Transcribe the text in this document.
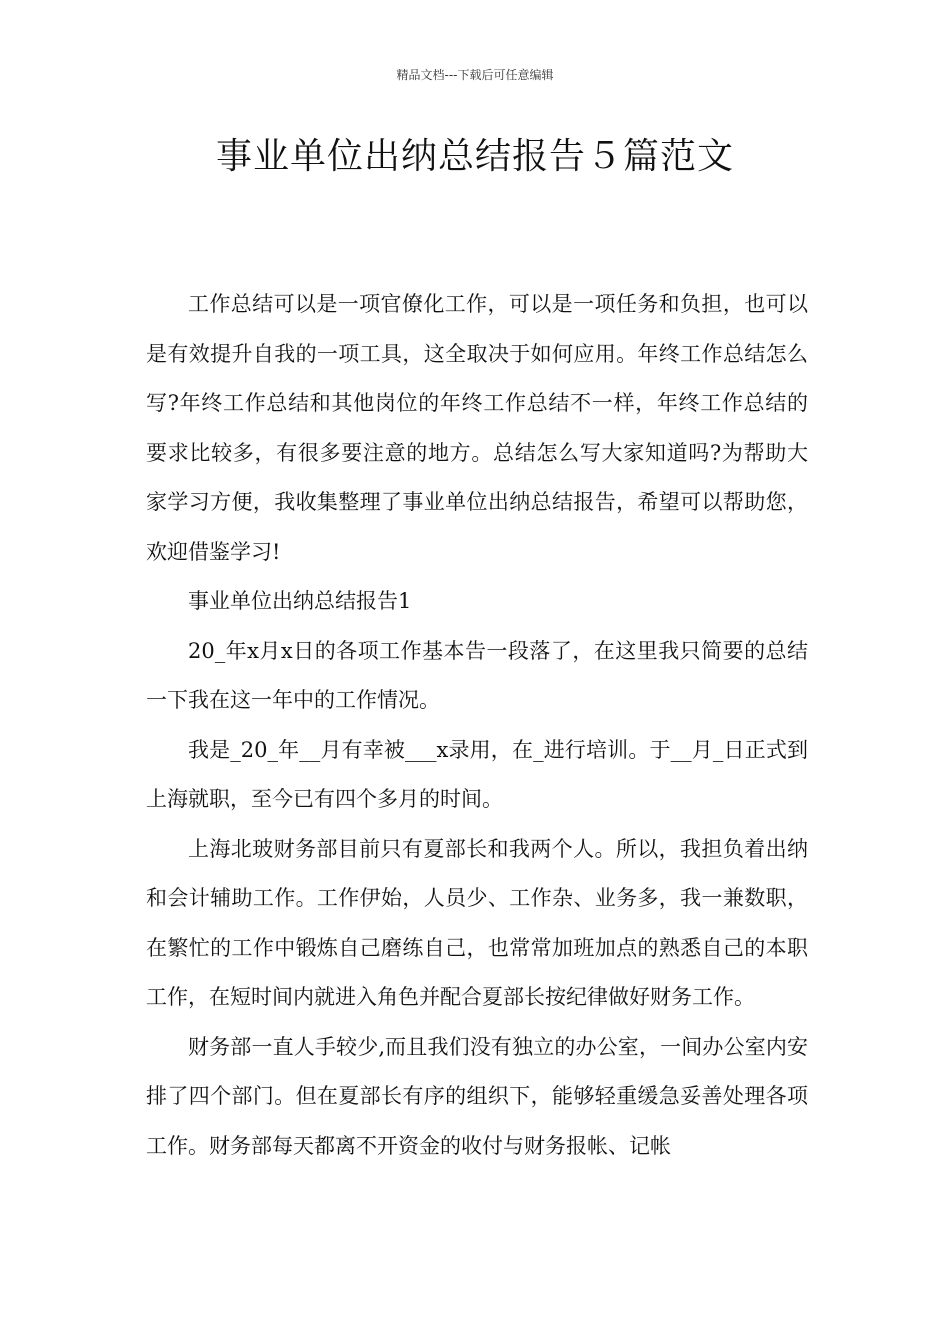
精品文档---下载后可任意编辑
事业单位出纳总结报告５篇范文

工作总结可以是一项官僚化工作，可以是一项任务和负担，也可以是有效提升自我的一项工具，这全取决于如何应用。年终工作总结怎么写?年终工作总结和其他岗位的年终工作总结不一样，年终工作总结的要求比较多，有很多要注意的地方。总结怎么写大家知道吗?为帮助大家学习方便，我收集整理了事业单位出纳总结报告，希望可以帮助您，欢迎借鉴学习!

事业单位出纳总结报告1

20_年x月x日的各项工作基本告一段落了，在这里我只简要的总结一下我在这一年中的工作情况。

我是_20_年__月有幸被___x录用，在_进行培训。于__月_日正式到上海就职，至今已有四个多月的时间。

上海北玻财务部目前只有夏部长和我两个人。所以，我担负着出纳和会计辅助工作。工作伊始，人员少、工作杂、业务多，我一兼数职，在繁忙的工作中锻炼自己磨练自己，也常常加班加点的熟悉自己的本职工作，在短时间内就进入角色并配合夏部长按纪律做好财务工作。

财务部一直人手较少,而且我们没有独立的办公室，一间办公室内安排了四个部门。但在夏部长有序的组织下，能够轻重缓急妥善处理各项工作。财务部每天都离不开资金的收付与财务报帐、记帐
